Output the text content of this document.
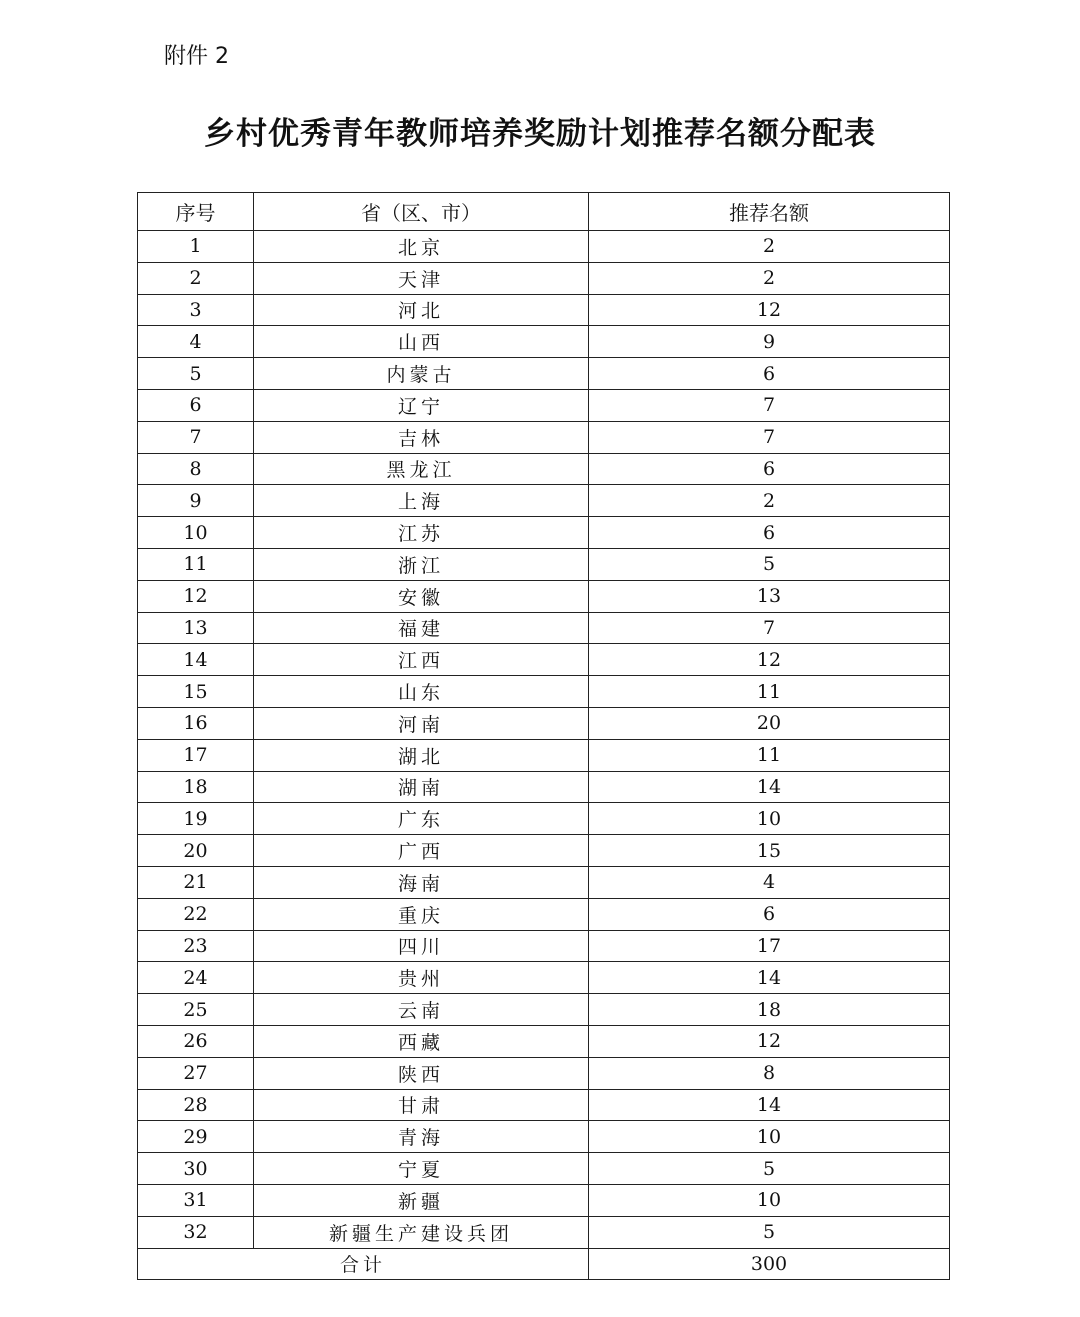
附件 2
乡村优秀青年教师培养奖励计划推荐名额分配表
序号	省（区、市）	推荐名额
1	北京	2
2	天津	2
3	河北	12
4	山西	9
5	内蒙古	6
6	辽宁	7
7	吉林	7
8	黑龙江	6
9	上海	2
10	江苏	6
11	浙江	5
12	安徽	13
13	福建	7
14	江西	12
15	山东	11
16	河南	20
17	湖北	11
18	湖南	14
19	广东	10
20	广西	15
21	海南	4
22	重庆	6
23	四川	17
24	贵州	14
25	云南	18
26	西藏	12
27	陕西	8
28	甘肃	14
29	青海	10
30	宁夏	5
31	新疆	10
32	新疆生产建设兵团	5
合计		300
